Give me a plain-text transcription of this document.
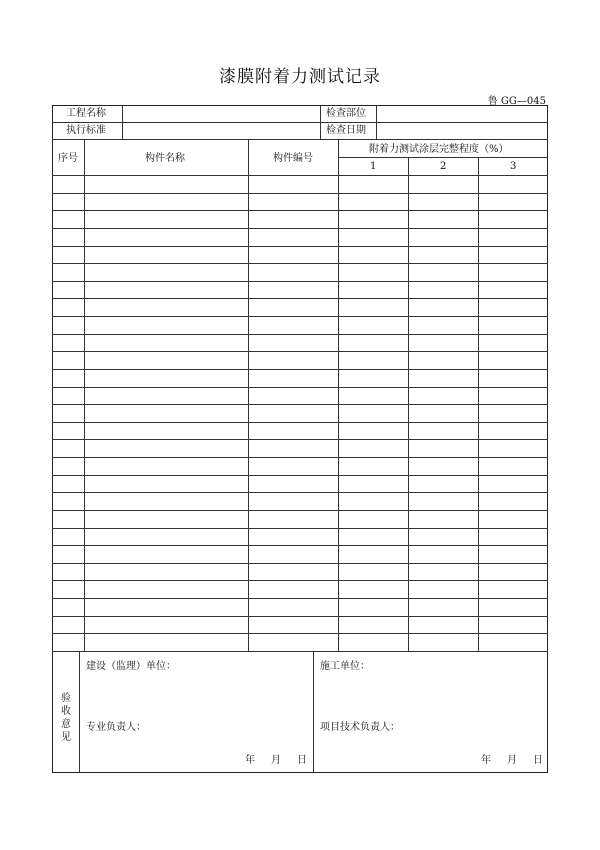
漆膜附着力测试记录
鲁 GG—045
工程名称	检查部位
执行标准	检查日期
序号	构件名称	构件编号
附着力测试涂层完整程度（%）
1	2	3
验
收
意
见
建设（监理）单位：
专业负责人：
年 月 日
施工单位：
项目技术负责人：
年 月 日
